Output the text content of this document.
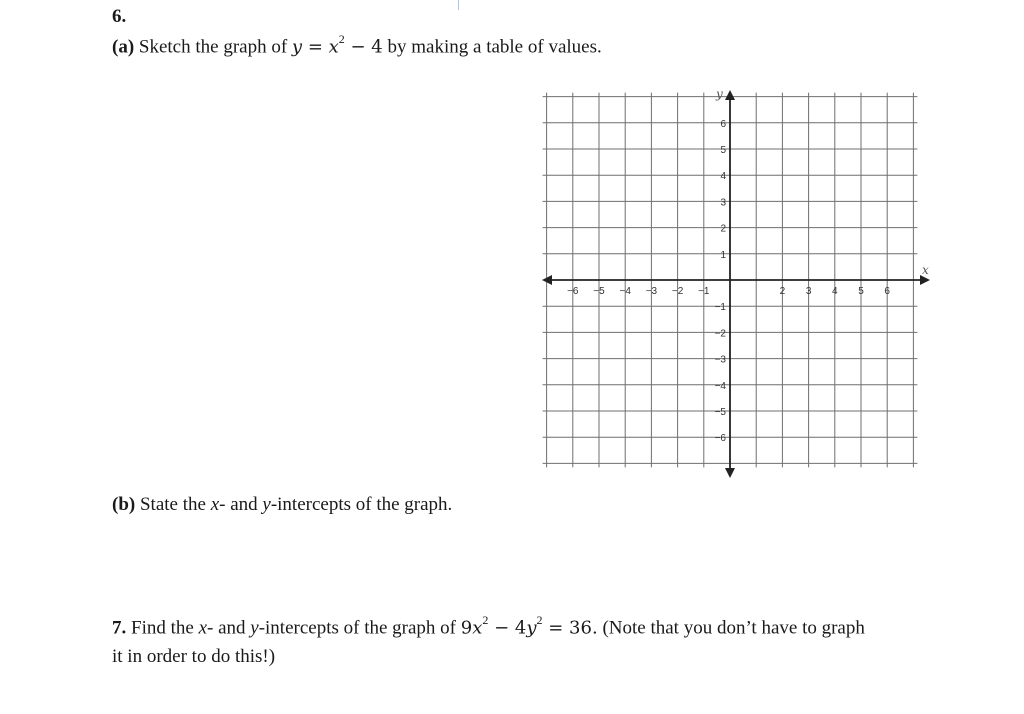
6.
(a) Sketch the graph of $y = x^2 - 4$ by making a table of values.
−6 −5 −4 −3 −2 −1	2 3 4 5 6
6
5
4
3
2
1
−1
−2
−3
−4
−5
−6
x
y
(b) State the x- and y-intercepts of the graph.
7. Find the x- and y-intercepts of the graph of $9x^2 - 4y^2 = 36$. (Note that you don’t have to graph
it in order to do this!)
